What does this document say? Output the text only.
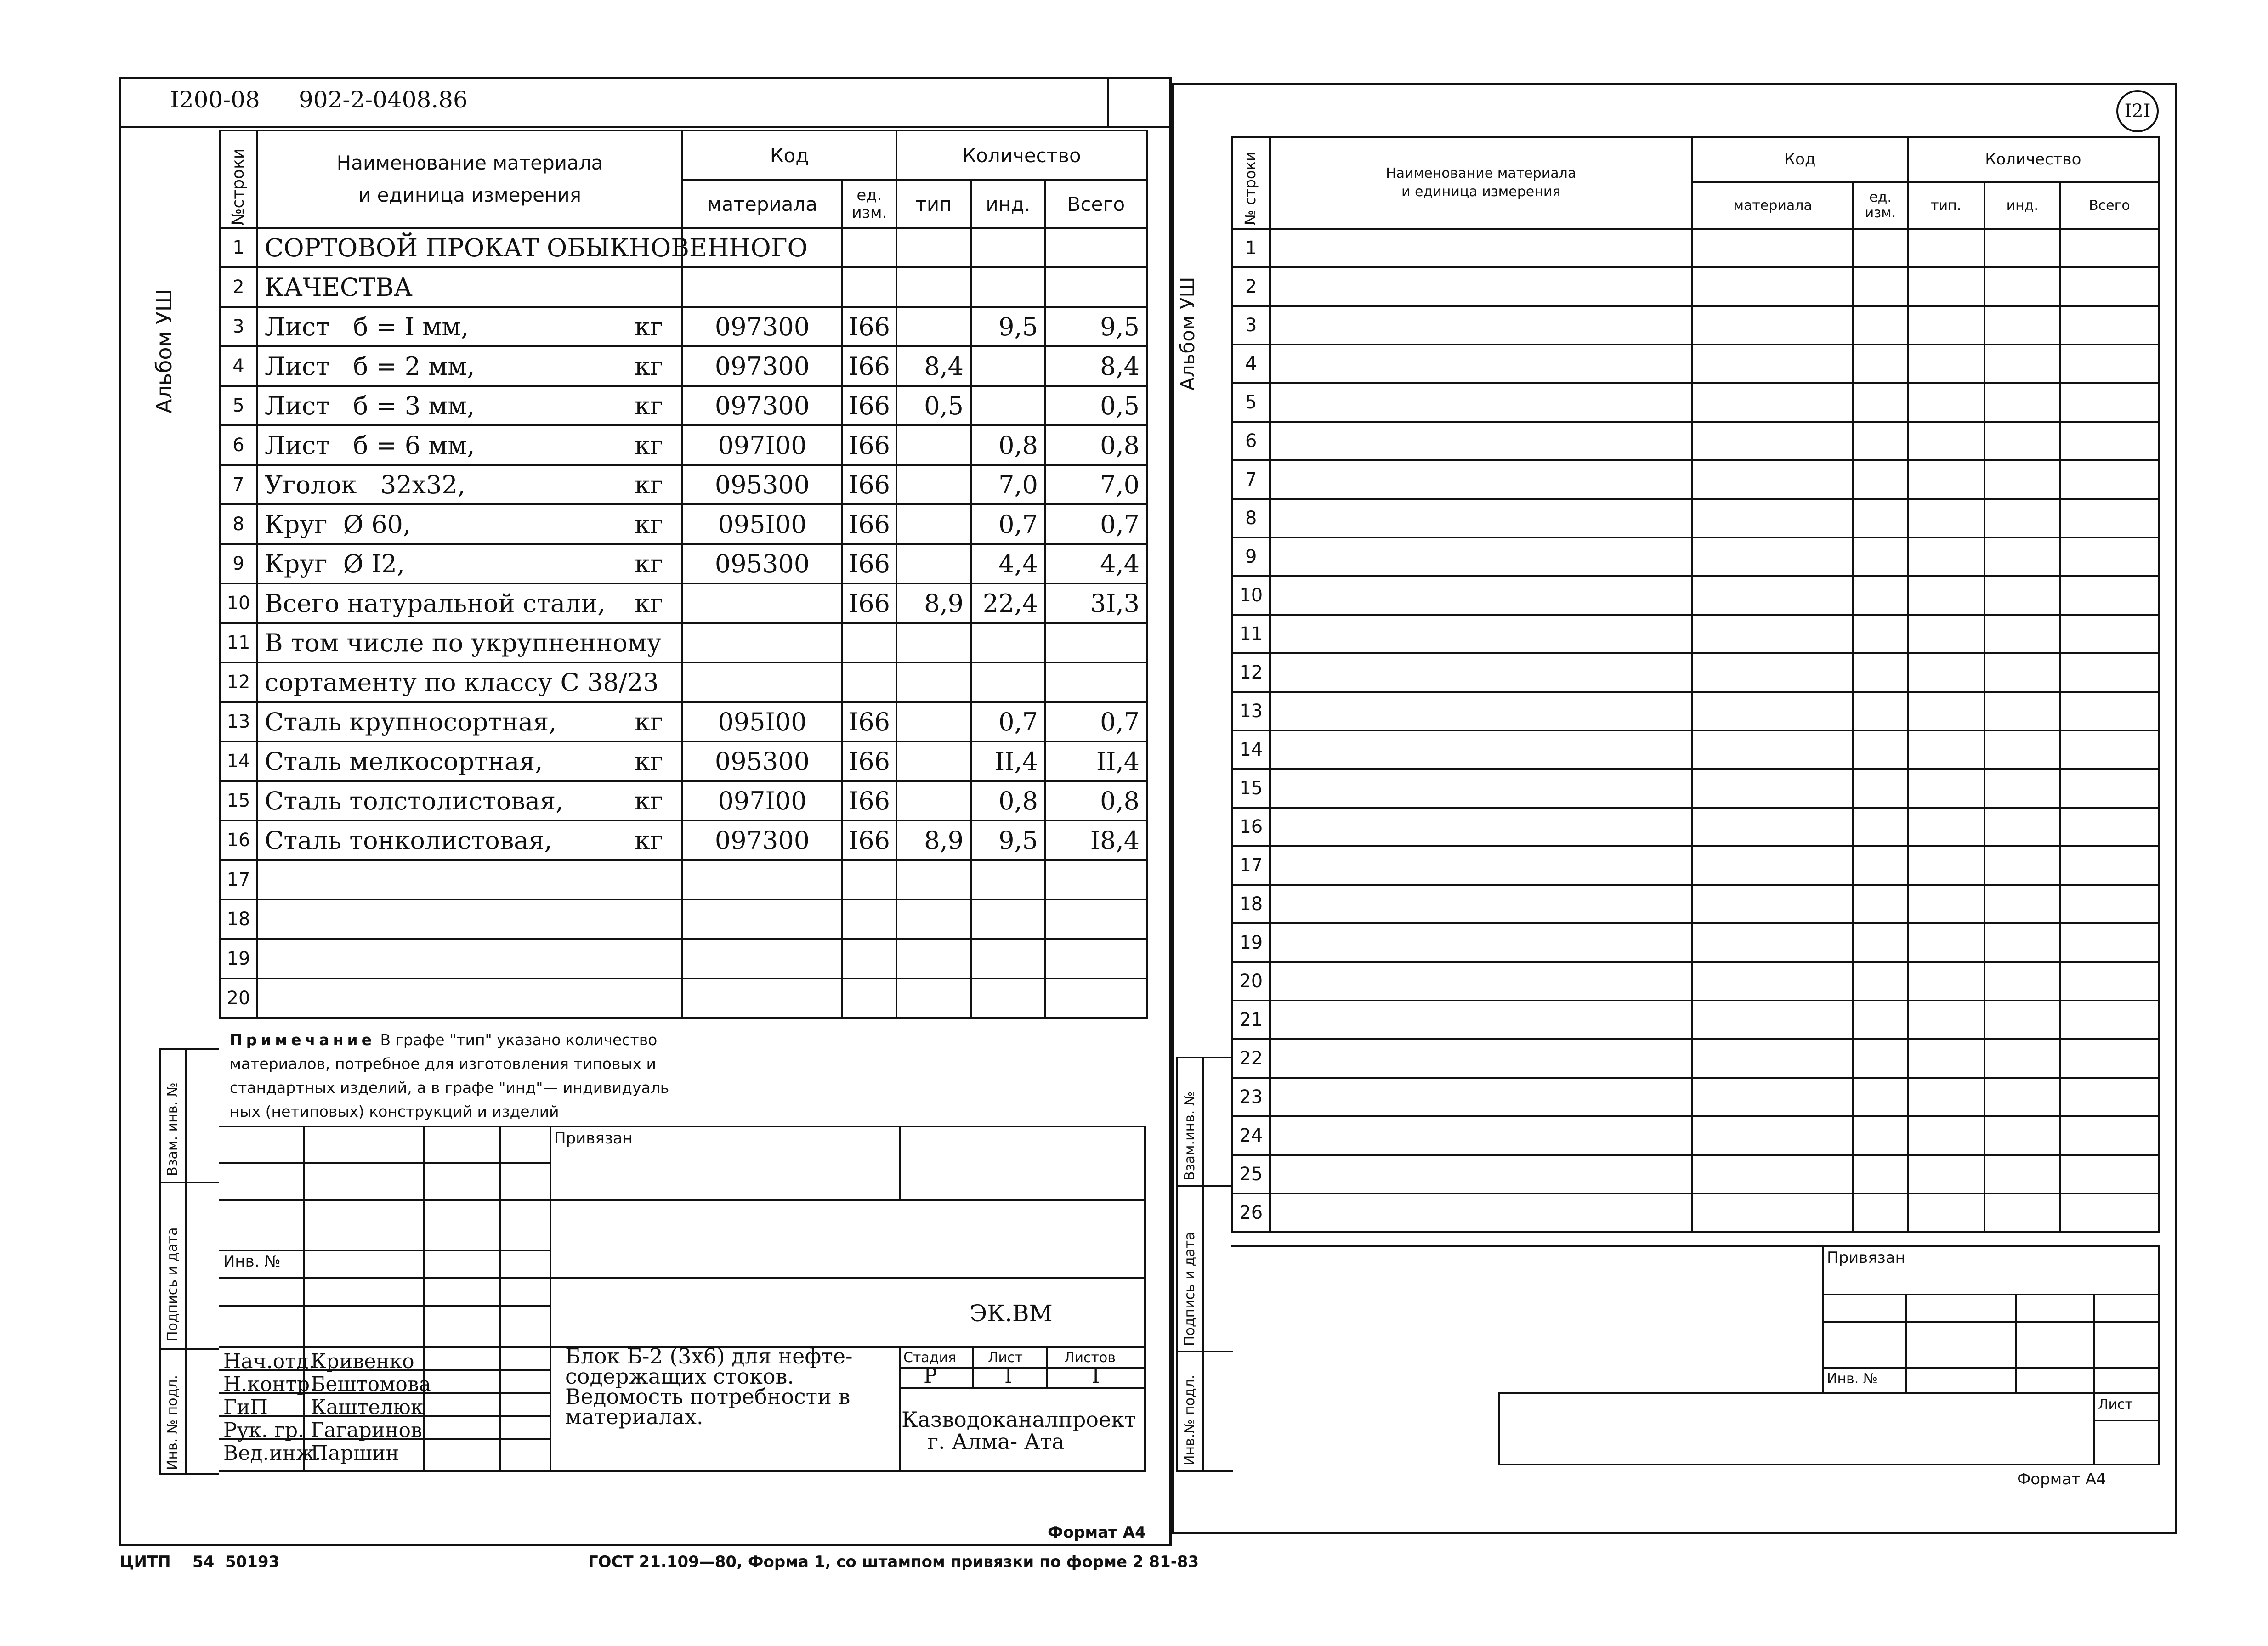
I200-08 902-2-0408.86
Альбом УШ
Взам. инв. №
Подпись и дата
Инв. № подл.
№строки	Наименование материала
и единица измерения	Код		Количество		
		материала	ед.
изм.	тип	инд.	Всего
1	СОРТОВОЙ ПРОКАТ ОБЫКНОВЕННОГО

2	КАЧЕСТВА

3	Лист   б = I мм, кг	097300	I66		9,5	9,5
4	Лист   б = 2 мм, кг	097300	I66	8,4		8,4
5	Лист   б = 3 мм, кг	097300	I66	0,5		0,5
6	Лист   б = 6 мм, кг	097I00	I66		0,8	0,8
7	Уголок   32х32, кг	095300	I66		7,0	7,0
8	Круг  Ø 60, кг	095I00	I66		0,7	0,7
9	Круг  Ø I2, кг	095300	I66		4,4	4,4
10	Всего натуральной стали, кг		I66	8,9	22,4	3I,3
11	В том числе по укрупненному

12	сортаменту по классу С 38/23

13	Сталь крупносортная, кг	095I00	I66		0,7	0,7
14	Сталь мелкосортная, кг	095300	I66		II,4	II,4
15	Сталь толстолистовая, кг	097I00	I66		0,8	0,8
16	Сталь тонколистовая, кг	097300	I66	8,9	9,5	I8,4
17	

18	

19	

20	

Примечание В графе "тип" указано количество
материалов, потребное для изготовления типовых и
стандартных изделий, а в графе "инд"— индивидуаль
ных (нетиповых) конструкций и изделий
Привязан
Инв. №
ЭК.ВМ
Блок Б-2 (3х6) для нефте-
содержащих стоков.
Ведомость потребности в
материалах.
Стадия Лист	Листов
Р	I	I
Казводоканалпроект
г. Алма- Ата
Нач.отд.
Кривенко
Н.контр.
Бештомова
ГиП Каштелюк
Рук. гр. Гагаринов
Вед.инж.
Паршин
Формат А4
ЦИТП    54  50193	ГОСТ 21.109—80, Форма 1, со штампом привязки по форме 2 81-83
I2I
Альбом УШ
№ строки	Наименование материала
и единица измерения	Код		Количество		
		материала	ед.
изм.	тип.	инд.	Всего
1						
2						
3						
4						
5						
6						
7						
8						
9						
10						
11						
12						
13						
14						
15						
16						
17						
18						
19						
20						
21						
22						
23						
24						
25						
26						
Взам.инв. №
Подпись и дата
Инв.№ подл.
Привязан
Инв. №
Лист
Формат А4
